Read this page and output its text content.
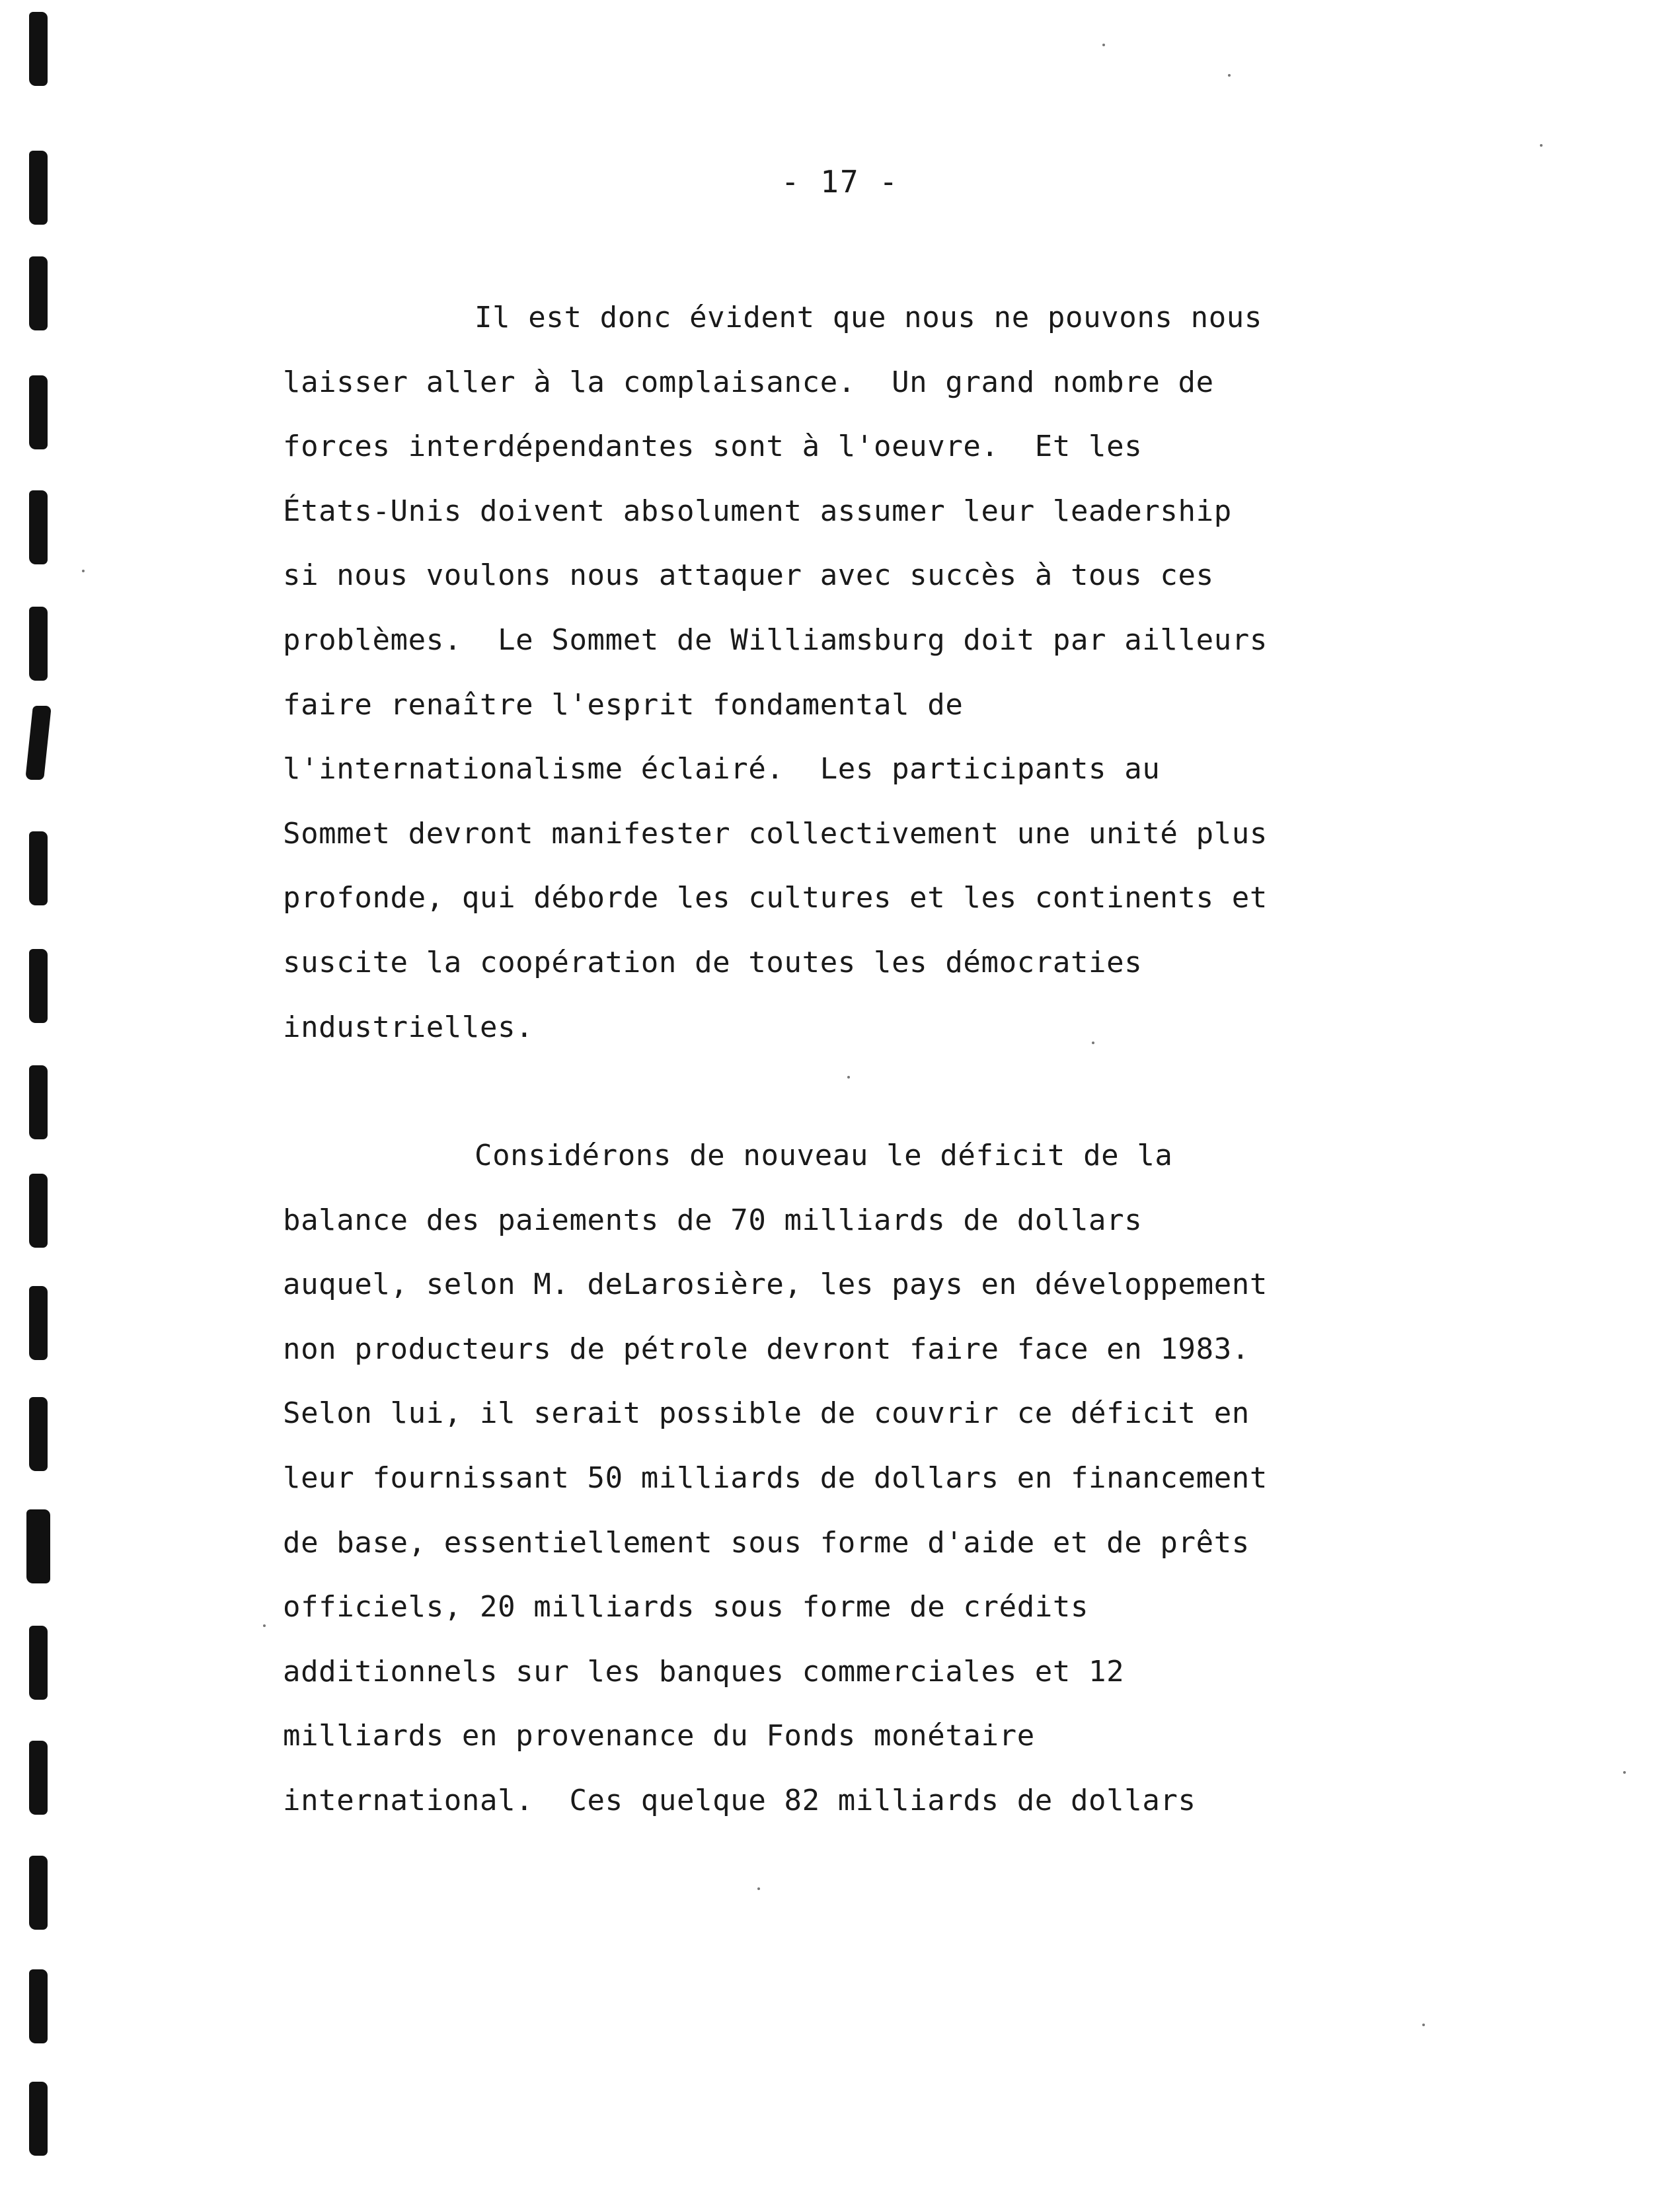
- 17 -
Il est donc évident que nous ne pouvons nous
laisser aller à la complaisance.  Un grand nombre de
forces interdépendantes sont à l'oeuvre.  Et les
États-Unis doivent absolument assumer leur leadership
si nous voulons nous attaquer avec succès à tous ces
problèmes.  Le Sommet de Williamsburg doit par ailleurs
faire renaître l'esprit fondamental de
l'internationalisme éclairé.  Les participants au
Sommet devront manifester collectivement une unité plus
profonde, qui déborde les cultures et les continents et
suscite la coopération de toutes les démocraties
industrielles.
Considérons de nouveau le déficit de la
balance des paiements de 70 milliards de dollars
auquel, selon M. deLarosière, les pays en développement
non producteurs de pétrole devront faire face en 1983.
Selon lui, il serait possible de couvrir ce déficit en
leur fournissant 50 milliards de dollars en financement
de base, essentiellement sous forme d'aide et de prêts
officiels, 20 milliards sous forme de crédits
additionnels sur les banques commerciales et 12
milliards en provenance du Fonds monétaire
international.  Ces quelque 82 milliards de dollars
